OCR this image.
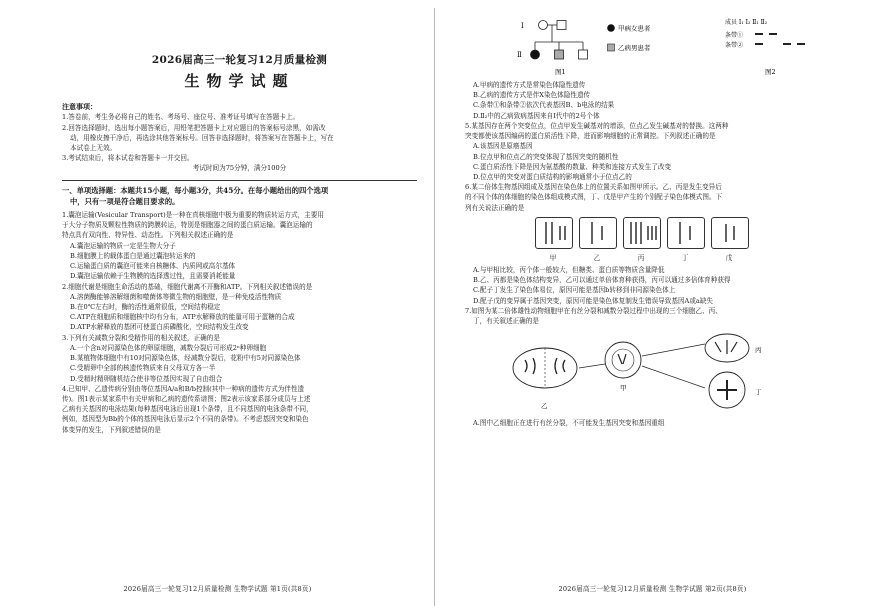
2026届高三一轮复习12月质量检测
生物学试题
注意事项：

1.答卷前，考生务必将自己的姓名、考场号、座位号、准考证号填写在答题卡上。

2.回答选择题时，选出每小题答案后，用铅笔把答题卡上对应题目的答案标号涂黑，如需改

动，用橡皮擦干净后，再选涂其他答案标号。回答非选择题时，将答案写在答题卡上，写在

本试卷上无效。

3.考试结束后，将本试卷和答题卡一并交回。

考试时间为75分钟，满分100分

一、单项选择题：本题共15小题，每小题3分，共45分。在每小题给出的四个选项
中，只有一项是符合题目要求的。

1.囊泡运输(Vesicular Transport)是一种在真核细胞中极为重要的物质转运方式，主要用

于大分子物质及颗粒性物质的跨膜转运，特别是细胞器之间的蛋白质运输。囊泡运输的

特点具有双向性、特异性、动态性。下列相关叙述正确的是

A.囊泡运输的物质一定是生物大分子

B.细胞膜上的载体蛋白是通过囊泡转运来的

C.运输蛋白质的囊泡可能来自核糖体、内质网或高尔基体

D.囊泡运输依赖于生物膜的选择透过性，且需要消耗能量

2.细胞代谢是细胞生命活动的基础，细胞代谢离不开酶和ATP。下列相关叙述错误的是

A.溶菌酶能够溶解细菌和噬菌体等微生物的细胞壁，是一种免疫活性物质

B.在0℃左右时，酶的活性通常很低，空间结构稳定

C.ATP在细胞质和细胞核中均有分布，ATP水解释放的能量可用于蛋糖的合成

D.ATP水解释放的基团可使蛋白质磷酸化，空间结构发生改变

3.下列有关减数分裂和受精作用的相关叙述，正确的是

A.一个含n对同源染色体的卵原细胞，减数分裂后可形成2ⁿ种卵细胞

B.某植物体细胞中有10对同源染色体，经减数分裂后，花粉中有5对同源染色体

C.受精卵中全部的核遗传物质来自父母双方各一半

D.受精时精卵随机结合使非等位基因实现了自由组合

4.已知甲、乙遗传病分别由等位基因A/a和B/b控制(其中一种病的遗传方式为伴性遗

传)。图1表示某家系中有关甲病和乙病的遗传系谱图；图2表示该家系部分成员与上述

乙病有关基因的电泳结果(每种基因电泳后出现1个条带，且不同基因的电泳条带不同，

例如，基因型为Bb的个体的基因电泳后显示2个不同的条带)。不考虑基因突变和染色

体变异的发生，下列叙述错误的是

2026届高三一轮复习12月质量检测 生物学试题 第1页(共8页)
Ⅰ
Ⅱ
图1
甲病女患者
乙病男患者
成员 Ⅰ₁ Ⅰ₂ Ⅱ₁ Ⅱ₂
条带①
条带②
图2

A.甲病的遗传方式是常染色体隐性遗传

B.乙病的遗传方式是伴X染色体隐性遗传

C.条带①和条带②依次代表基因B、b电泳的结果

D.Ⅱ₂中的乙病致病基因来自Ⅰ代中的2号个体

5.某基因存在两个突变位点，位点甲发生碱基对的增添，位点乙发生碱基对的替换。这两种

突变都使该基因编码的蛋白质活性下降，进而影响细胞的正常调控。下列叙述正确的是

A.该基因是原癌基因

B.位点甲和位点乙的突变体现了基因突变的随机性

C.蛋白质活性下降是因为氨基酸的数量、种类和连接方式发生了改变

D.位点甲的突变对蛋白质结构的影响通常小于位点乙的

6.某二倍体生物基因组成及基因在染色体上的位置关系如图甲所示。乙、丙是发生变异后

的不同个体的体细胞的染色体组成模式图，丁、戊是甲产生的个别配子染色体模式图。下

列有关说法正确的是

甲	乙	丙	丁	戊

A.与甲相比较，丙个体一般较大，但糖类、蛋白质等物质含量降低

B.乙、丙都是染色体结构变异，乙可以通过单倍体育种获得，丙可以通过多倍体育种获得

C.配子丁发生了染色体易位，原因可能是基因b转移到非同源染色体上

D.配子戊的变异属于基因突变，原因可能是染色体复制发生错误导致基因A或a缺失

7.如图为某二倍体雄性动物细胞甲在有丝分裂和减数分裂过程中出现的三个细胞乙、丙、

丁，有关叙述正确的是

乙
甲
丙
丁

A.图中乙细胞正在进行有丝分裂，不可能发生基因突变和基因重组

2026届高三一轮复习12月质量检测 生物学试题 第2页(共8页)
